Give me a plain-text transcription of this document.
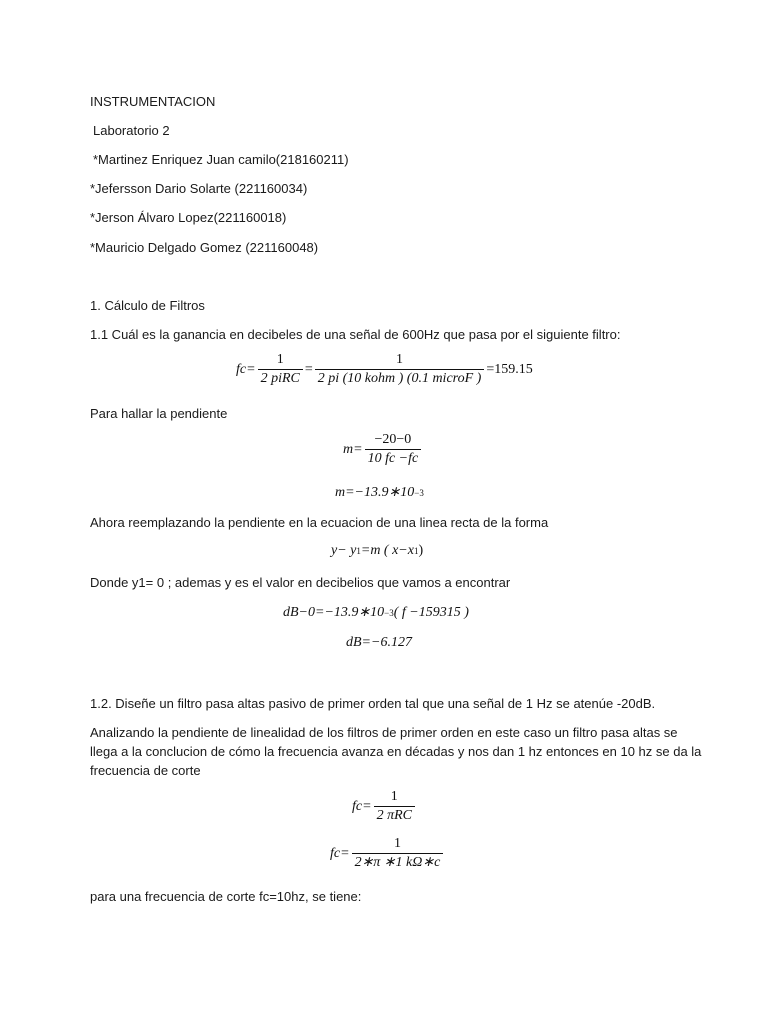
INSTRUMENTACION
Laboratorio 2
*Martinez Enriquez Juan camilo(218160211)
*Jefersson Dario Solarte (221160034)
*Jerson Álvaro Lopez(221160018)
*Mauricio Delgado Gomez (221160048)
1. Cálculo de Filtros
1.1 Cuál es la ganancia en decibeles de una señal de 600Hz que pasa por el siguiente filtro:
$fc= \frac{1}{\text{2 piRC}} = \frac{1}{\text{2 pi (10 kohm ) (0.1 microF )}} =159.15$
Para hallar la pendiente
$m= \frac{-20-0}{10 fc -fc}$
m=−13.9∗10 −3
Ahora reemplazando la pendiente en la ecuacion de una linea recta de la forma
y− y 1 =m ( x−x 1 )
Donde y1= 0 ; ademas y es el valor en decibelios que vamos a encontrar
dB−0=−13.9∗10 −3 ( f −159315 )
dB=−6.127
1.2. Diseñe un filtro pasa altas pasivo de primer orden tal que una señal de 1 Hz se atenúe -20dB.
Analizando la pendiente de linealidad de los filtros de primer orden en este caso un filtro pasa altas se
llega a la conclucion de cómo la frecuencia avanza en décadas y nos dan 1 hz entonces en 10 hz se da la
frecuencia de corte
$fc= \frac{1}{\text{2 πRC}}$
$fc= \frac{1}{2∗\pi ∗1 k\Omega∗c}$
para una frecuencia de corte fc=10hz, se tiene:
